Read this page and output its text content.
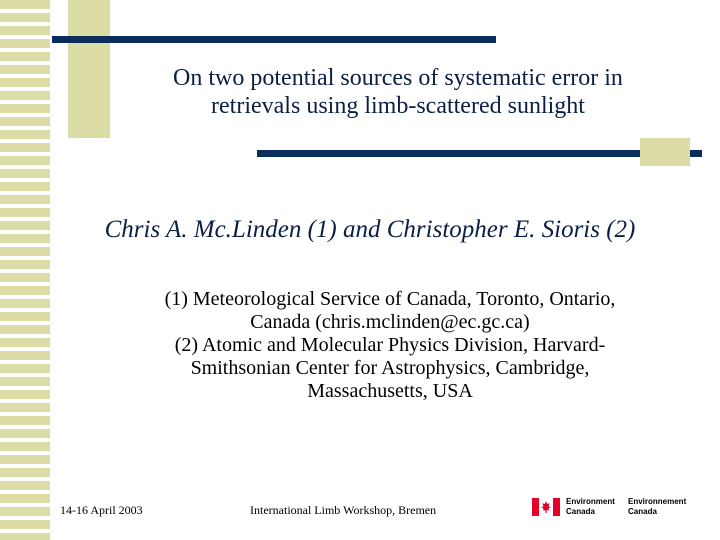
On two potential sources of systematic error in
retrievals using limb-scattered sunlight
Chris A. Mc.Linden (1) and Christopher E. Sioris (2)
(1) Meteorological Service of Canada, Toronto, Ontario,
Canada (chris.mclinden@ec.gc.ca)
(2) Atomic and Molecular Physics Division, Harvard-
Smithsonian Center for Astrophysics, Cambridge,
Massachusetts, USA
14-16 April 2003	International Limb Workshop, Bremen
Environment
Canada
Environnement
Canada
